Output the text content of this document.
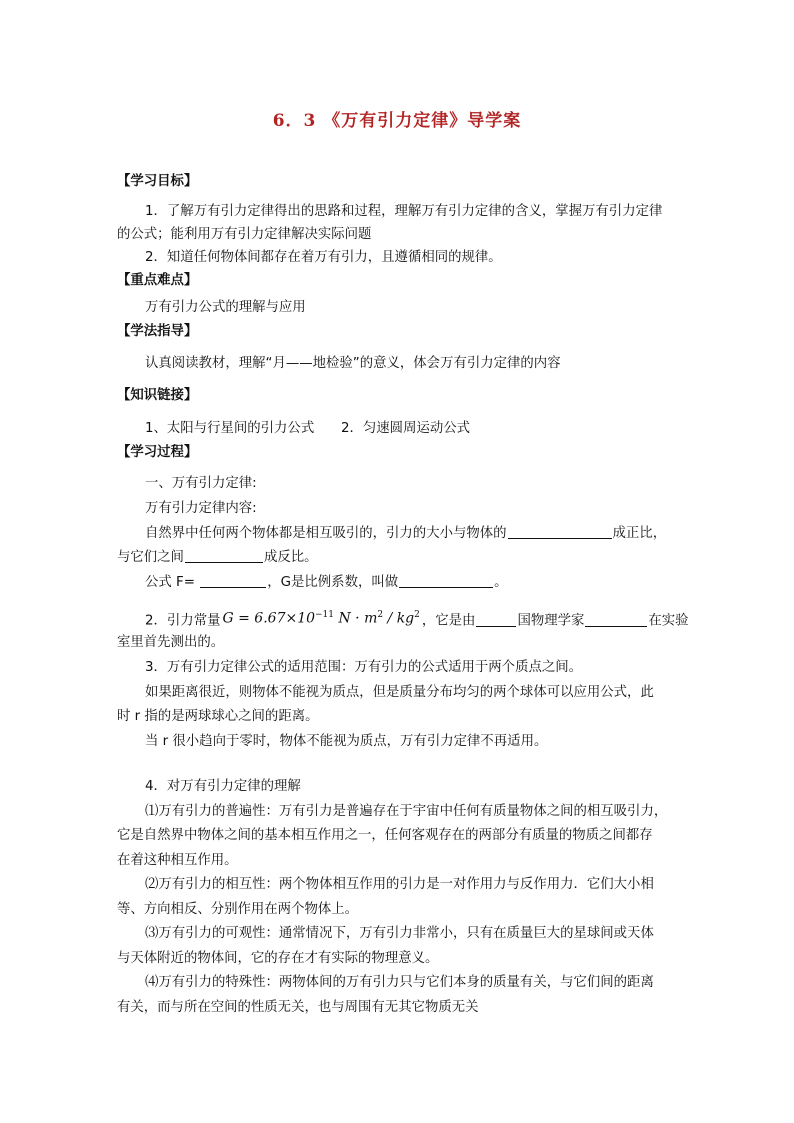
6．3 《万有引力定律》导学案
【学习目标】
1．了解万有引力定律得出的思路和过程，理解万有引力定律的含义，掌握万有引力定律
的公式；能利用万有引力定律解决实际问题
2．知道任何物体间都存在着万有引力，且遵循相同的规律。
【重点难点】
万有引力公式的理解与应用
【学法指导】
认真阅读教材，理解“月——地检验”的意义，体会万有引力定律的内容
【知识链接】
1、太阳与行星间的引力公式　　2．匀速圆周运动公式
【学习过程】
一、万有引力定律:
万有引力定律内容:
自然界中任何两个物体都是相互吸引的，引力的大小与物体的	成正比，
与它们之间	成反比。
公式 F=	，G是比例系数，叫做	。
2．引力常量 $G = 6.67\times 10^{-11}$ $N \cdot m^2 / kg^2$ ，它是由	国物理学家	在实验
室里首先测出的。
3．万有引力定律公式的适用范围：万有引力的公式适用于两个质点之间。
如果距离很近，则物体不能视为质点，但是质量分布均匀的两个球体可以应用公式，此
时 r 指的是两球球心之间的距离。
当 r 很小趋向于零时，物体不能视为质点，万有引力定律不再适用。
4．对万有引力定律的理解
⑴万有引力的普遍性：万有引力是普遍存在于宇宙中任何有质量物体之间的相互吸引力，
它是自然界中物体之间的基本相互作用之一，任何客观存在的两部分有质量的物质之间都存
在着这种相互作用。
⑵万有引力的相互性：两个物体相互作用的引力是一对作用力与反作用力．它们大小相
等、方向相反、分别作用在两个物体上。
⑶万有引力的可观性：通常情况下，万有引力非常小，只有在质量巨大的星球间或天体
与天体附近的物体间，它的存在才有实际的物理意义。
⑷万有引力的特殊性：两物体间的万有引力只与它们本身的质量有关，与它们间的距离
有关，而与所在空间的性质无关，也与周围有无其它物质无关
